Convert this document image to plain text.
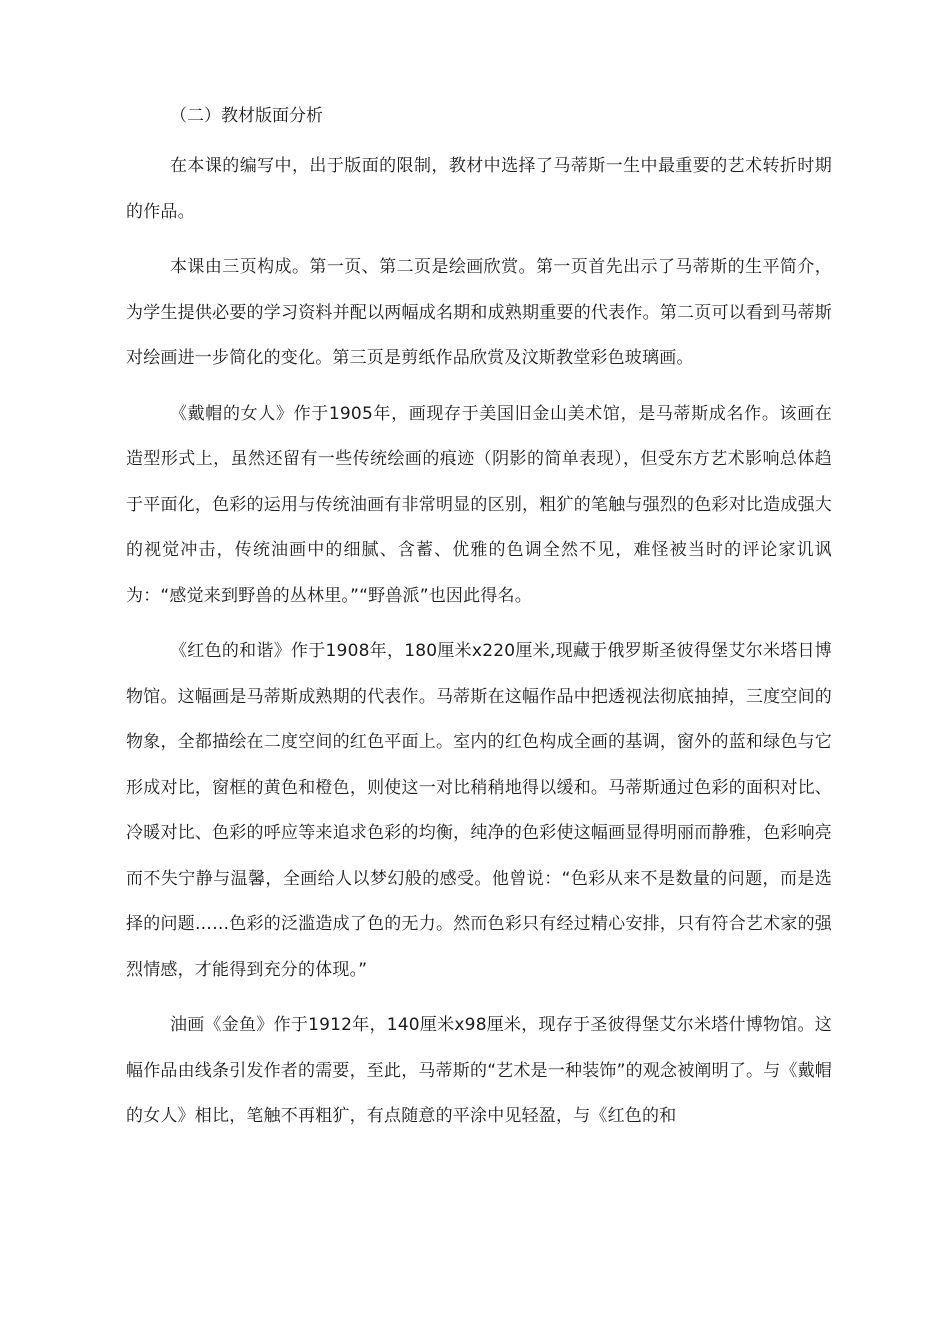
（二）教材版面分析

在本课的编写中，出于版面的限制，教材中选择了马蒂斯一生中最重要的艺术转折时期的作品。

本课由三页构成。第一页、第二页是绘画欣赏。第一页首先出示了马蒂斯的生平简介，为学生提供必要的学习资料并配以两幅成名期和成熟期重要的代表作。第二页可以看到马蒂斯对绘画进一步简化的变化。第三页是剪纸作品欣赏及汶斯教堂彩色玻璃画。

《戴帽的女人》作于1905年，画现存于美国旧金山美术馆，是马蒂斯成名作。该画在造型形式上，虽然还留有一些传统绘画的痕迹（阴影的简单表现），但受东方艺术影响总体趋于平面化，色彩的运用与传统油画有非常明显的区别，粗犷的笔触与强烈的色彩对比造成强大的视觉冲击，传统油画中的细腻、含蓄、优雅的色调全然不见，难怪被当时的评论家讥讽为：“感觉来到野兽的丛林里。”“野兽派”也因此得名。

《红色的和谐》作于1908年，180厘米x220厘米,现藏于俄罗斯圣彼得堡艾尔米塔日博物馆。这幅画是马蒂斯成熟期的代表作。马蒂斯在这幅作品中把透视法彻底抽掉，三度空间的物象，全都描绘在二度空间的红色平面上。室内的红色构成全画的基调，窗外的蓝和绿色与它形成对比，窗框的黄色和橙色，则使这一对比稍稍地得以缓和。马蒂斯通过色彩的面积对比、冷暖对比、色彩的呼应等来追求色彩的均衡，纯净的色彩使这幅画显得明丽而静雅，色彩响亮而不失宁静与温馨，全画给人以梦幻般的感受。他曾说：“色彩从来不是数量的问题，而是选择的问题……色彩的泛滥造成了色的无力。然而色彩只有经过精心安排，只有符合艺术家的强烈情感，才能得到充分的体现。”

油画《金鱼》作于1912年，140厘米x98厘米，现存于圣彼得堡艾尔米塔什博物馆。这幅作品由线条引发作者的需要，至此，马蒂斯的“艺术是一种装饰”的观念被阐明了。与《戴帽的女人》相比，笔触不再粗犷，有点随意的平涂中见轻盈，与《红色的和
